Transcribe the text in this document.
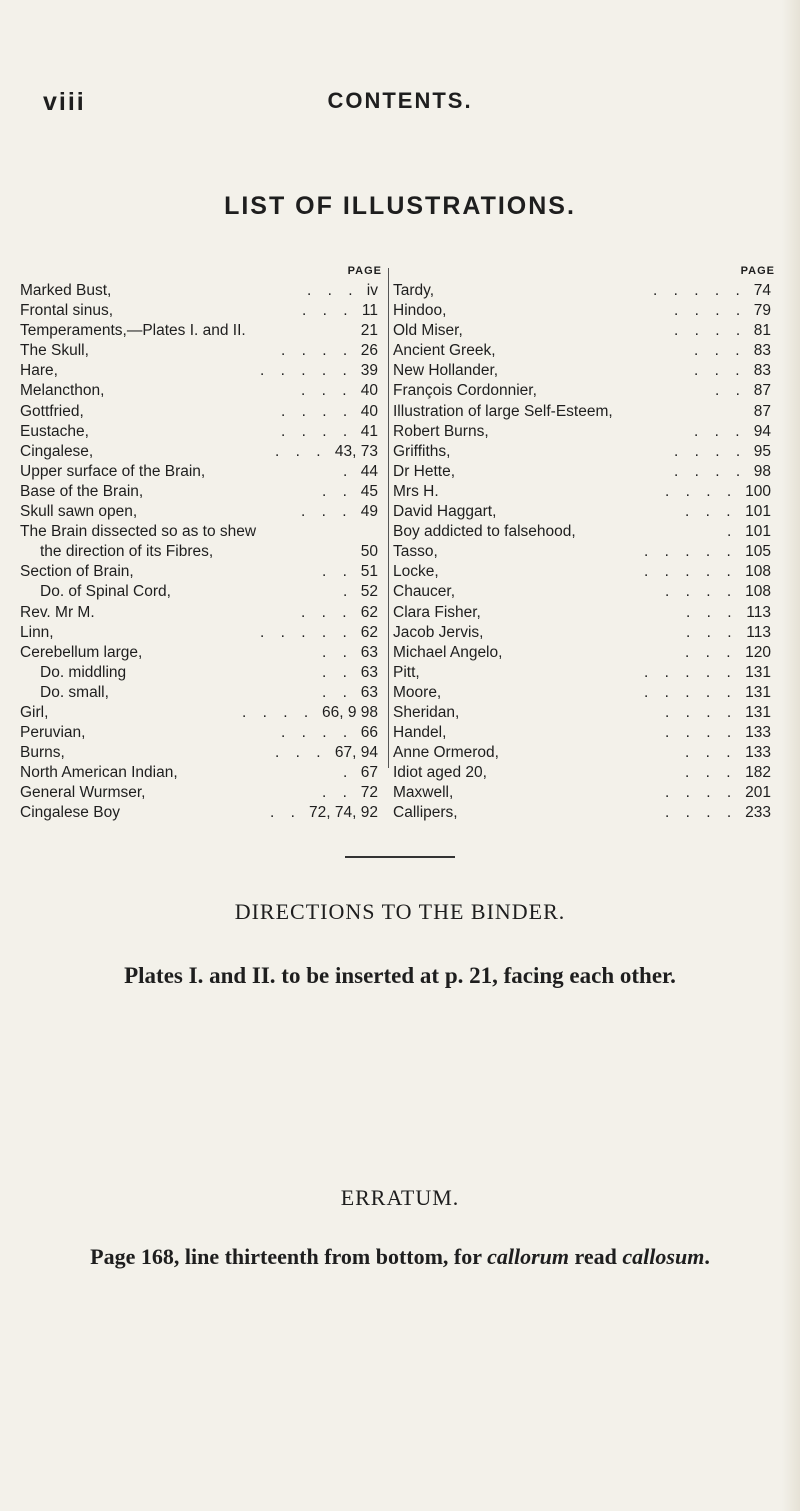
viii	CONTENTS.
LIST OF ILLUSTRATIONS.
PAGE
Marked Bust,	. . . iv
Frontal sinus,	. . . 11
Temperaments,—Plates I. and II.	21
The Skull,	. . . . 26
Hare,	. . . . . 39
Melancthon,	. . . 40
Gottfried,	. . . . 40
Eustache,	. . . . 41
Cingalese,	. . . 43, 73
Upper surface of the Brain,	. 44
Base of the Brain,	. . 45
Skull sawn open,	. . . 49
The Brain dissected so as to shew
the direction of its Fibres,	50
Section of Brain,	. . 51
Do. of Spinal Cord,	. 52
Rev. Mr M.	. . . 62
Linn,	. . . . . 62
Cerebellum large,	. . 63
Do. middling	. . 63
Do. small,	. . 63
Girl,	. . . . 66, 9 98
Peruvian,	. . . . 66
Burns,	. . . 67, 94
North American Indian,	. 67
General Wurmser,	. . 72
Cingalese Boy	. . 72, 74, 92
PAGE
Tardy,	. . . . . 74
Hindoo,	. . . . 79
Old Miser,	. . . . 81
Ancient Greek,	. . . 83
New Hollander,	. . . 83
François Cordonnier,	. . 87
Illustration of large Self-Esteem,	87
Robert Burns,	. . . 94
Griffiths,	. . . . 95
Dr Hette,	. . . . 98
Mrs H.	. . . . 100
David Haggart,	. . . 101
Boy addicted to falsehood,	. 101
Tasso,	. . . . . 105
Locke,	. . . . . 108
Chaucer,	. . . . 108
Clara Fisher,	. . . 113
Jacob Jervis,	. . . 113
Michael Angelo,	. . . 120
Pitt,	. . . . . 131
Moore,	. . . . . 131
Sheridan,	. . . . 131
Handel,	. . . . 133
Anne Ormerod,	. . . 133
Idiot aged 20,	. . . 182
Maxwell,	. . . . 201
Callipers,	. . . . 233
DIRECTIONS TO THE BINDER.
Plates I. and II. to be inserted at p. 21, facing each other.
ERRATUM.
Page 168, line thirteenth from bottom, for callorum read callosum.
